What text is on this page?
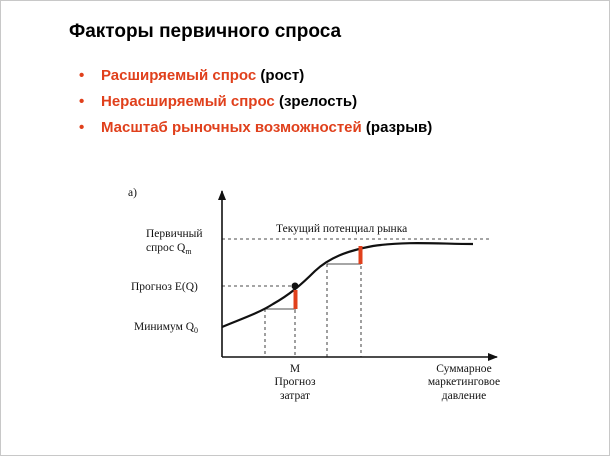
Факторы первичного спроса
• Расширяемый спрос (рост)
• Нерасширяемый спрос (зрелость)
• Масштаб рыночных возможностей (разрыв)
а)
Текущий потенциал рынка
Первичный
спрос $Q_m$
Прогноз E(Q)
Минимум $Q_0$
M
Прогноз
затрат
Суммарное
маркетинговое
давление
